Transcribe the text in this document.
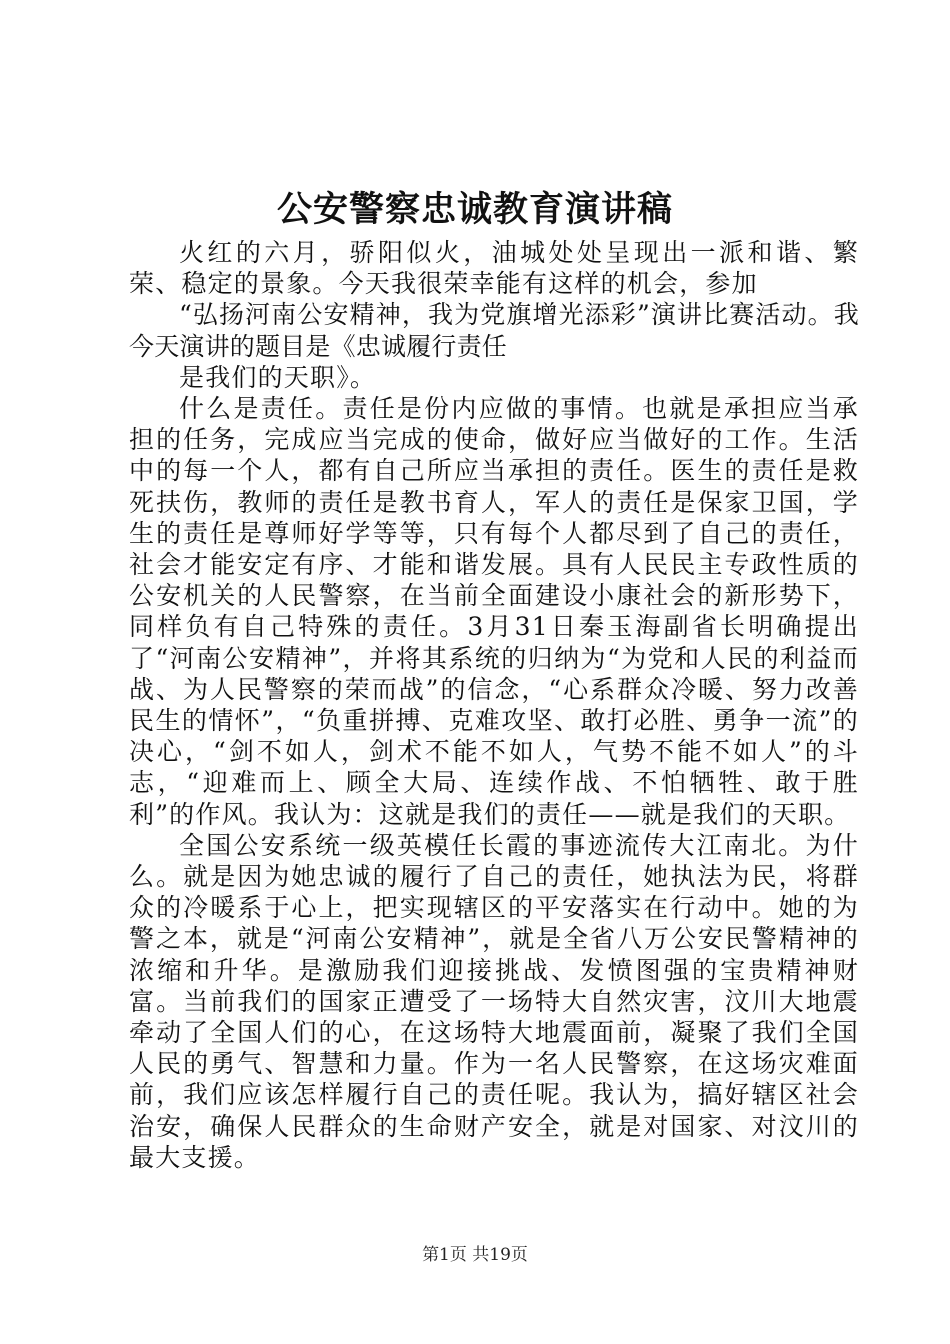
公安警察忠诚教育演讲稿

火红的六月，骄阳似火，油城处处呈现出一派和谐、繁荣、稳定的景象。今天我很荣幸能有这样的机会，参加

“弘扬河南公安精神，我为党旗增光添彩”演讲比赛活动。我今天演讲的题目是《忠诚履行责任

是我们的天职》。

什么是责任。责任是份内应做的事情。也就是承担应当承担的任务，完成应当完成的使命，做好应当做好的工作。生活中的每一个人，都有自己所应当承担的责任。医生的责任是救死扶伤，教师的责任是教书育人，军人的责任是保家卫国，学生的责任是尊师好学等等，只有每个人都尽到了自己的责任，社会才能安定有序、才能和谐发展。具有人民民主专政性质的公安机关的人民警察，在当前全面建设小康社会的新形势下，同样负有自己特殊的责任。3月31日秦玉海副省长明确提出了“河南公安精神”，并将其系统的归纳为“为党和人民的利益而战、为人民警察的荣而战”的信念，“心系群众冷暖、努力改善民生的情怀”，“负重拼搏、克难攻坚、敢打必胜、勇争一流”的决心，“剑不如人，剑术不能不如人，气势不能不如人”的斗志，“迎难而上、顾全大局、连续作战、不怕牺牲、敢于胜利”的作风。我认为：这就是我们的责任——就是我们的天职。

全国公安系统一级英模任长霞的事迹流传大江南北。为什么。就是因为她忠诚的履行了自己的责任，她执法为民，将群众的冷暖系于心上，把实现辖区的平安落实在行动中。她的为警之本，就是“河南公安精神”，就是全省八万公安民警精神的浓缩和升华。是激励我们迎接挑战、发愤图强的宝贵精神财富。当前我们的国家正遭受了一场特大自然灾害，汶川大地震牵动了全国人们的心，在这场特大地震面前，凝聚了我们全国人民的勇气、智慧和力量。作为一名人民警察，在这场灾难面前，我们应该怎样履行自己的责任呢。我认为，搞好辖区社会治安，确保人民群众的生命财产安全，就是对国家、对汶川的最大支援。

第1页 共19页
